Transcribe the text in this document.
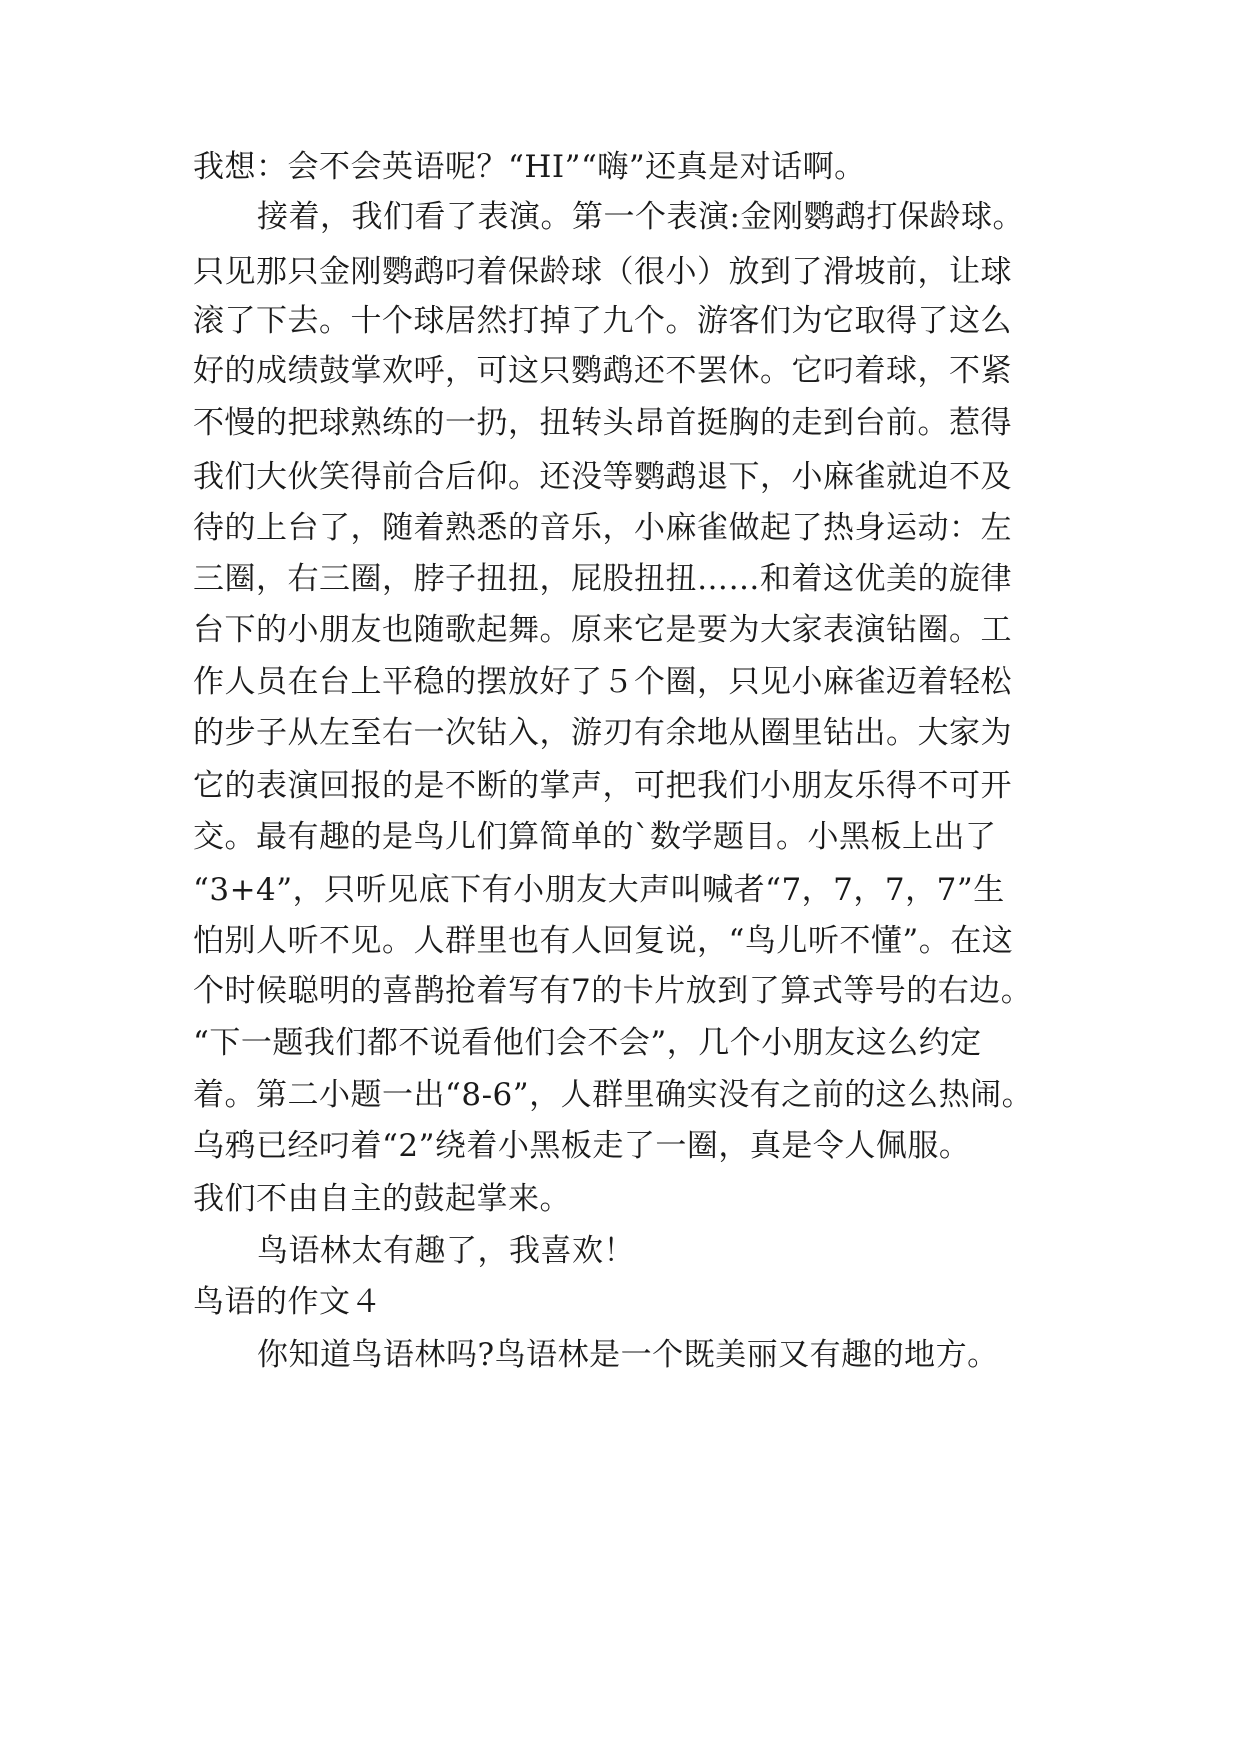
我想：会不会英语呢？“HI”“嗨”还真是对话啊。
接着，我们看了表演。第一个表演:金刚鹦鹉打保龄球。
只见那只金刚鹦鹉叼着保龄球（很小）放到了滑坡前，让球
滚了下去。十个球居然打掉了九个。游客们为它取得了这么
好的成绩鼓掌欢呼，可这只鹦鹉还不罢休。它叼着球，不紧
不慢的把球熟练的一扔，扭转头昂首挺胸的走到台前。惹得
我们大伙笑得前合后仰。还没等鹦鹉退下，小麻雀就迫不及
待的上台了，随着熟悉的音乐，小麻雀做起了热身运动：左
三圈，右三圈，脖子扭扭，屁股扭扭……和着这优美的旋律
台下的小朋友也随歌起舞。原来它是要为大家表演钻圈。工
作人员在台上平稳的摆放好了５个圈，只见小麻雀迈着轻松
的步子从左至右一次钻入，游刃有余地从圈里钻出。大家为
它的表演回报的是不断的掌声，可把我们小朋友乐得不可开
交。最有趣的是鸟儿们算简单的`数学题目。小黑板上出了
“3+4”，只听见底下有小朋友大声叫喊者“7，7，7，7”生
怕别人听不见。人群里也有人回复说，“鸟儿听不懂”。在这
个时候聪明的喜鹊抢着写有7的卡片放到了算式等号的右边。
“下一题我们都不说看他们会不会”，几个小朋友这么约定
着。第二小题一出“8-6”，人群里确实没有之前的这么热闹。
乌鸦已经叼着“2”绕着小黑板走了一圈，真是令人佩服。
我们不由自主的鼓起掌来。
鸟语林太有趣了，我喜欢！
鸟语的作文４
你知道鸟语林吗?鸟语林是一个既美丽又有趣的地方。
